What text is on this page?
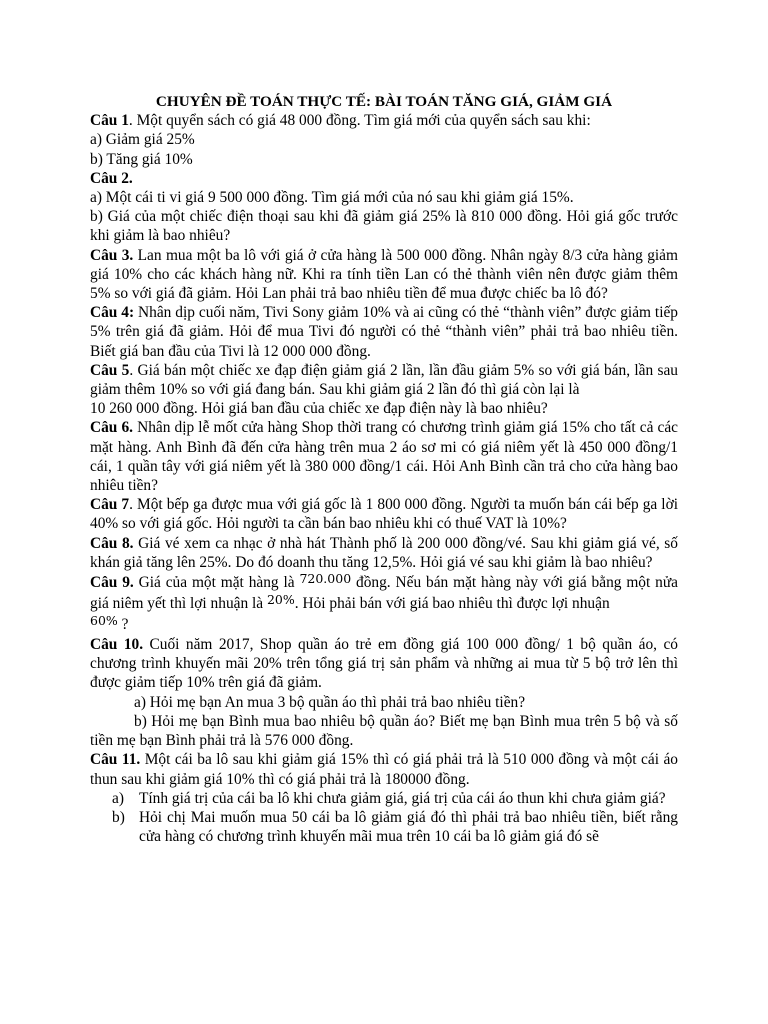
CHUYÊN ĐỀ TOÁN THỰC TẾ: BÀI TOÁN TĂNG GIÁ, GIẢM GIÁ

Câu 1. Một quyển sách có giá 48 000 đồng. Tìm giá mới của quyển sách sau khi:

a) Giảm giá 25%

b) Tăng giá 10%

Câu 2.

a) Một cái ti vi giá 9 500 000 đồng. Tìm giá mới của nó sau khi giảm giá 15%.

b) Giá của một chiếc điện thoại sau khi đã giảm giá 25% là 810 000 đồng. Hỏi giá gốc trước khi giảm là bao nhiêu?

Câu 3. Lan mua một ba lô với giá ở cửa hàng là 500 000 đồng. Nhân ngày 8/3 cửa hàng giảm giá 10% cho các khách hàng nữ. Khi ra tính tiền Lan có thẻ thành viên nên được giảm thêm 5% so với giá đã giảm. Hỏi Lan phải trả bao nhiêu tiền để mua được chiếc ba lô đó?

Câu 4: Nhân dịp cuối năm, Tivi Sony giảm 10% và ai cũng có thẻ “thành viên” được giảm tiếp 5% trên giá đã giảm. Hỏi để mua Tivi đó người có thẻ “thành viên” phải trả bao nhiêu tiền. Biết giá ban đầu của Tivi là 12 000 000 đồng.

Câu 5. Giá bán một chiếc xe đạp điện giảm giá 2 lần, lần đầu giảm 5% so với giá bán, lần sau giảm thêm 10% so với giá đang bán. Sau khi giảm giá 2 lần đó thì giá còn lại là

10 260 000 đồng. Hỏi giá ban đầu của chiếc xe đạp điện này là bao nhiêu?

Câu 6. Nhân dịp lễ mốt cửa hàng Shop thời trang có chương trình giảm giá 15% cho tất cả các mặt hàng. Anh Bình đã đến cửa hàng trên mua 2 áo sơ mi có giá niêm yết là 450 000 đồng/1 cái, 1 quần tây với giá niêm yết là 380 000 đồng/1 cái. Hỏi Anh Bình cần trả cho cửa hàng bao nhiêu tiền?

Câu 7. Một bếp ga được mua với giá gốc là 1 800 000 đồng. Người ta muốn bán cái bếp ga lời 40% so với giá gốc. Hỏi người ta cần bán bao nhiêu khi có thuế VAT là 10%?

Câu 8. Giá vé xem ca nhạc ở nhà hát Thành phố là 200 000 đồng/vé. Sau khi giảm giá vé, số khán giả tăng lên 25%. Do đó doanh thu tăng 12,5%. Hỏi giá vé sau khi giảm là bao nhiêu?

Câu 9. Giá của một mặt hàng là $^{720.000}$ đồng. Nếu bán mặt hàng này với giá bằng một nửa giá niêm yết thì lợi nhuận là $^{20\%}$. Hỏi phải bán với giá bao nhiêu thì được lợi nhuận
$^{60\%}$ ?

Câu 10. Cuối năm 2017, Shop quần áo trẻ em đồng giá 100 000 đồng/ 1 bộ quần áo, có chương trình khuyến mãi 20% trên tổng giá trị sản phẩm và những ai mua từ 5 bộ trở lên thì được giảm tiếp 10% trên giá đã giảm.

a) Hỏi mẹ bạn An mua 3 bộ quần áo thì phải trả bao nhiêu tiền?

b) Hỏi mẹ bạn Bình mua bao nhiêu bộ quần áo? Biết mẹ bạn Bình mua trên 5 bộ và số tiền mẹ bạn Bình phải trả là 576 000 đồng.

Câu 11. Một cái ba lô sau khi giảm giá 15% thì có giá phải trả là 510 000 đồng và một cái áo thun sau khi giảm giá 10% thì có giá phải trả là 180000 đồng.

a) Tính giá trị của cái ba lô khi chưa giảm giá, giá trị của cái áo thun khi chưa giảm giá?
b) Hỏi chị Mai muốn mua 50 cái ba lô giảm giá đó thì phải trả bao nhiêu tiền, biết rằng cửa hàng có chương trình khuyến mãi mua trên 10 cái ba lô giảm giá đó sẽ
